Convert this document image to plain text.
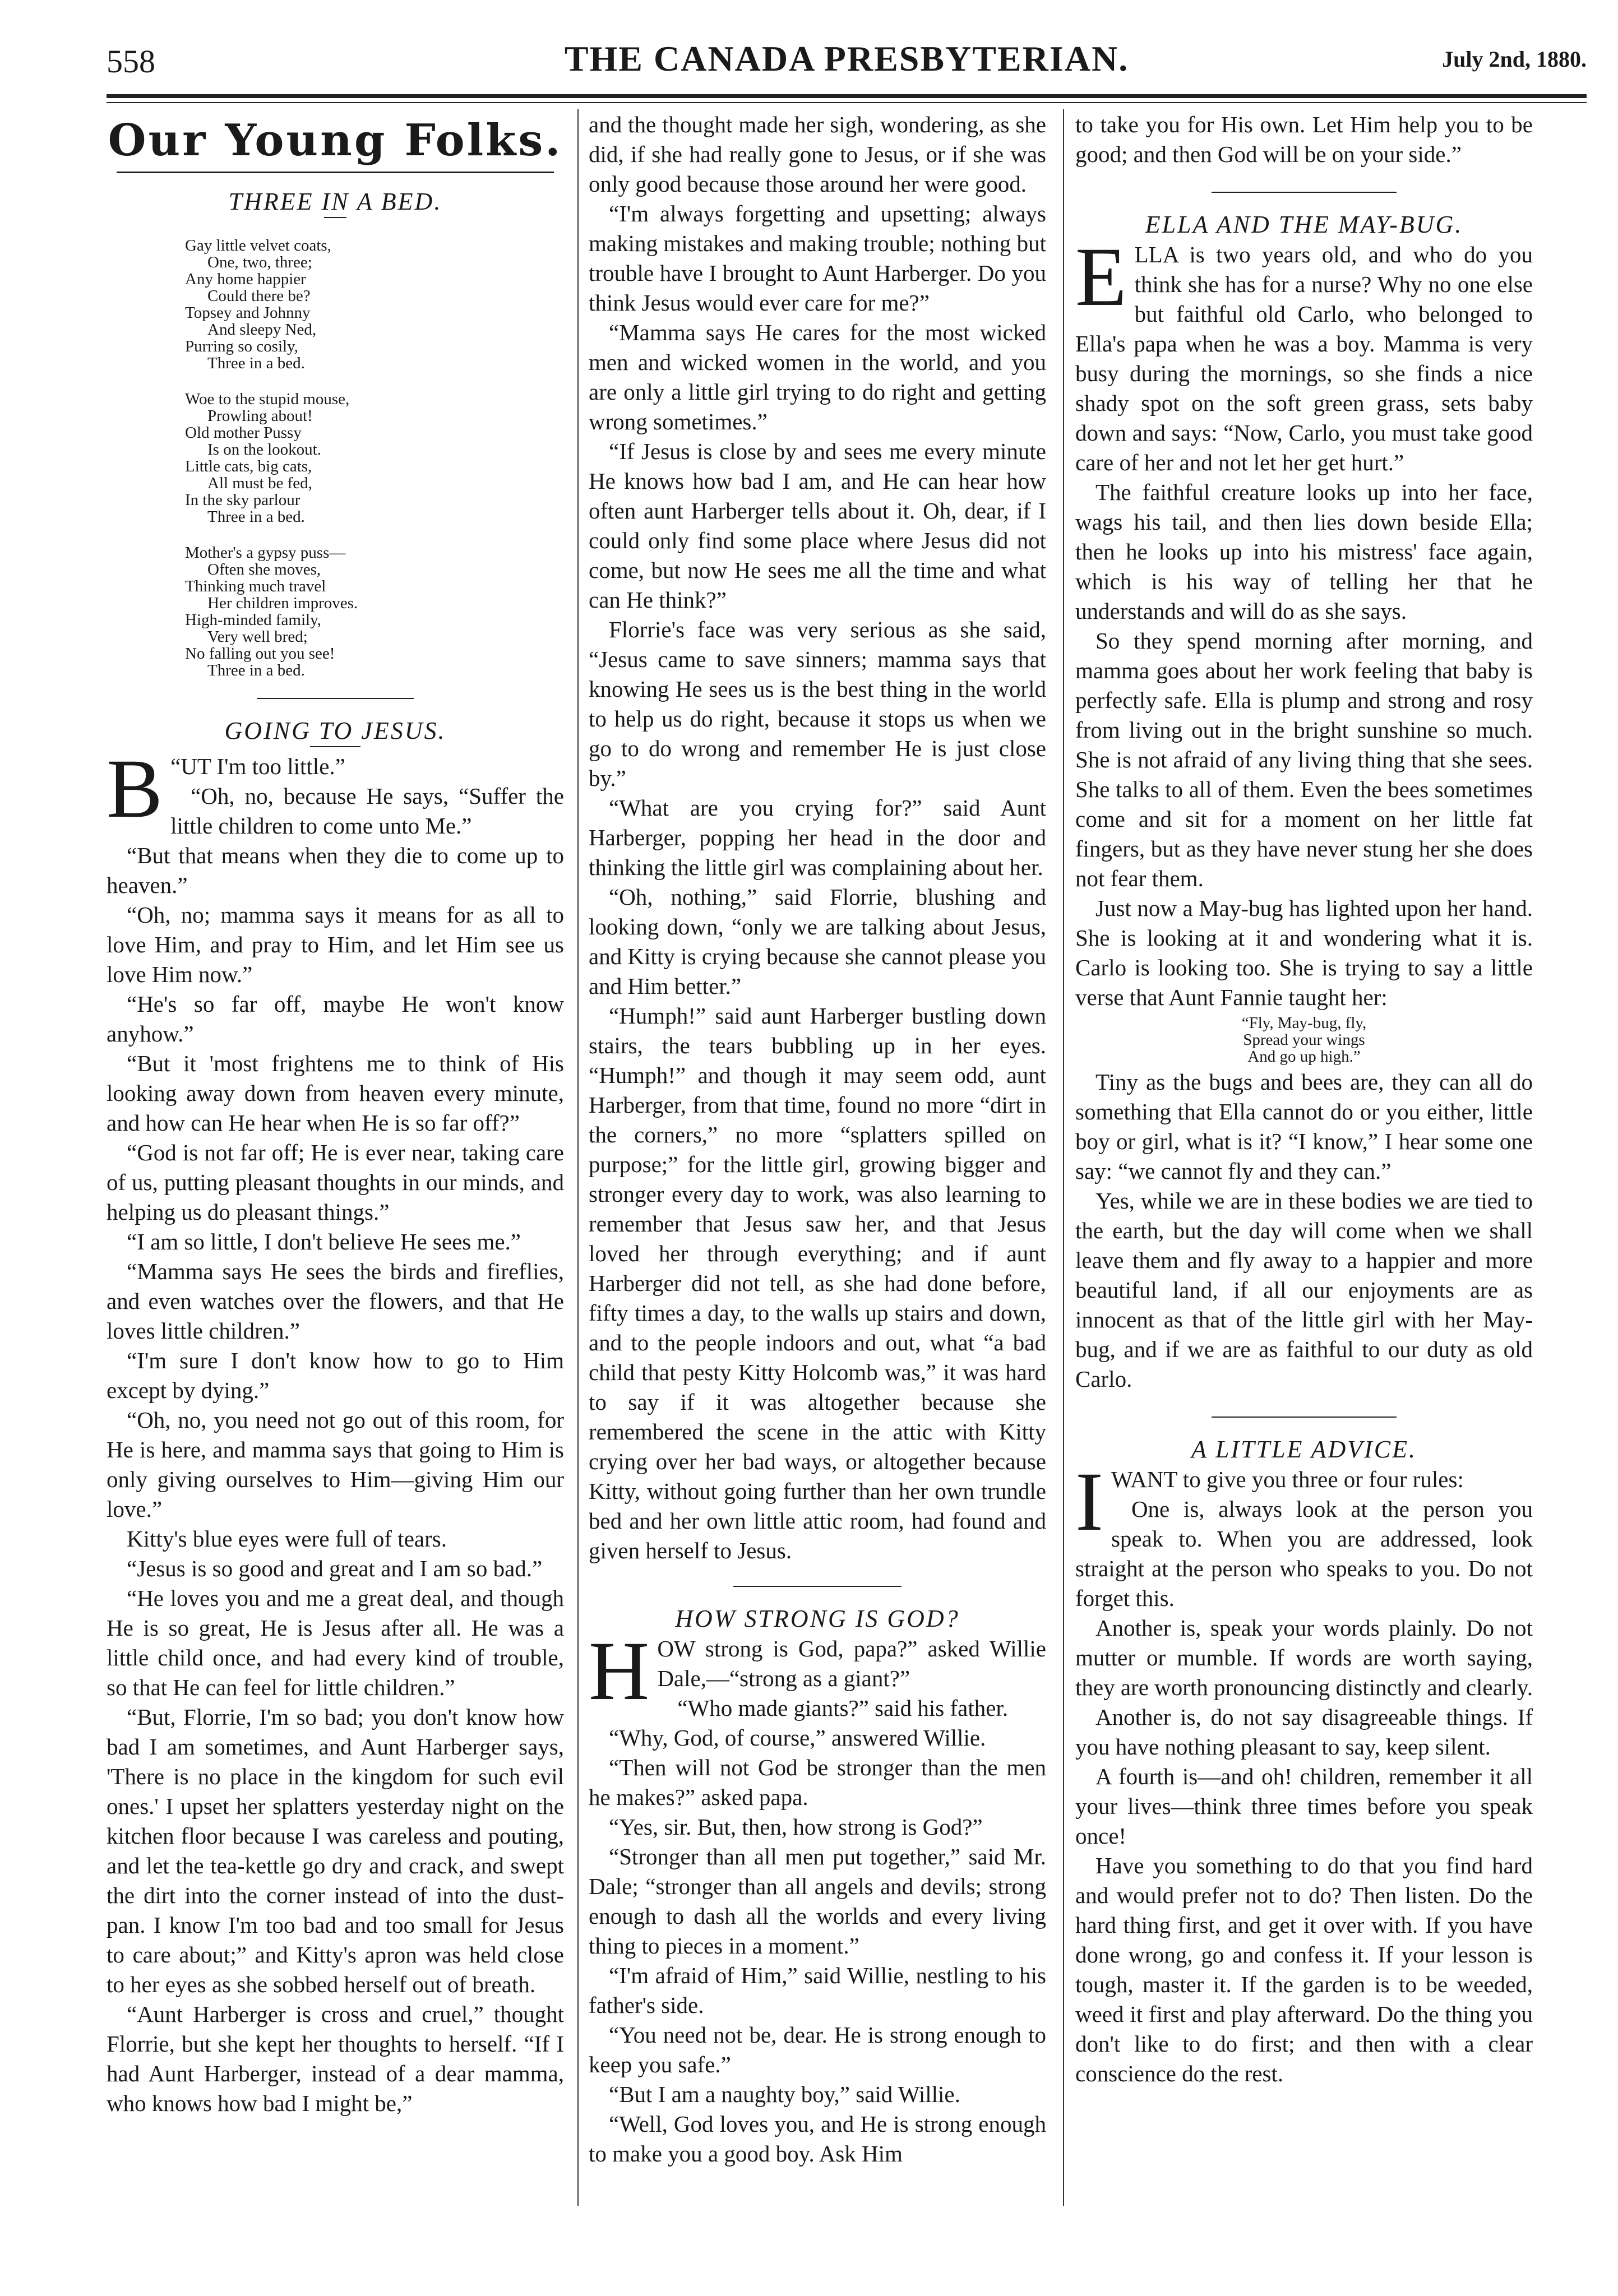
558	THE CANADA PRESBYTERIAN.	July 2nd, 1880.
Our Young Folks.
THREE IN A BED.
Gay little velvet coats,
One, two, three;
Any home happier
Could there be?
Topsey and Johnny
And sleepy Ned,
Purring so cosily,
Three in a bed.
Woe to the stupid mouse,
Prowling about!
Old mother Pussy
Is on the lookout.
Little cats, big cats,
All must be fed,
In the sky parlour
Three in a bed.
Mother's a gypsy puss—
Often she moves,
Thinking much travel
Her children improves.
High-minded family,
Very well bred;
No falling out you see!
Three in a bed.
GOING TO JESUS.

B “UT I'm too little.”

“Oh, no, because He says, “Suffer the little children to come unto Me.”

“But that means when they die to come up to heaven.”

“Oh, no; mamma says it means for as all to love Him, and pray to Him, and let Him see us love Him now.”

“He's so far off, maybe He won't know anyhow.”

“But it 'most frightens me to think of His looking away down from heaven every minute, and how can He hear when He is so far off?”

“God is not far off; He is ever near, taking care of us, putting pleasant thoughts in our minds, and helping us do pleasant things.”

“I am so little, I don't believe He sees me.”

“Mamma says He sees the birds and fireflies, and even watches over the flowers, and that He loves little children.”

“I'm sure I don't know how to go to Him except by dying.”

“Oh, no, you need not go out of this room, for He is here, and mamma says that going to Him is only giving ourselves to Him—giving Him our love.”

Kitty's blue eyes were full of tears.

“Jesus is so good and great and I am so bad.”

“He loves you and me a great deal, and though He is so great, He is Jesus after all. He was a little child once, and had every kind of trouble, so that He can feel for little children.”

“But, Florrie, I'm so bad; you don't know how bad I am sometimes, and Aunt Harberger says, 'There is no place in the kingdom for such evil ones.' I upset her splatters yesterday night on the kitchen floor because I was careless and pouting, and let the tea-kettle go dry and crack, and swept the dirt into the corner instead of into the dust-pan. I know I'm too bad and too small for Jesus to care about;” and Kitty's apron was held close to her eyes as she sobbed herself out of breath.

“Aunt Harberger is cross and cruel,” thought Florrie, but she kept her thoughts to herself. “If I had Aunt Harberger, instead of a dear mamma, who knows how bad I might be,”

and the thought made her sigh, wondering, as she did, if she had really gone to Jesus, or if she was only good because those around her were good.

“I'm always forgetting and upsetting; always making mistakes and making trouble; nothing but trouble have I brought to Aunt Harberger. Do you think Jesus would ever care for me?”

“Mamma says He cares for the most wicked men and wicked women in the world, and you are only a little girl trying to do right and getting wrong sometimes.”

“If Jesus is close by and sees me every minute He knows how bad I am, and He can hear how often aunt Harberger tells about it. Oh, dear, if I could only find some place where Jesus did not come, but now He sees me all the time and what can He think?”

Florrie's face was very serious as she said, “Jesus came to save sinners; mamma says that knowing He sees us is the best thing in the world to help us do right, because it stops us when we go to do wrong and remember He is just close by.”

“What are you crying for?” said Aunt Harberger, popping her head in the door and thinking the little girl was complaining about her.

“Oh, nothing,” said Florrie, blushing and looking down, “only we are talking about Jesus, and Kitty is crying because she cannot please you and Him better.”

“Humph!” said aunt Harberger bustling down stairs, the tears bubbling up in her eyes. “Humph!” and though it may seem odd, aunt Harberger, from that time, found no more “dirt in the corners,” no more “splatters spilled on purpose;” for the little girl, growing bigger and stronger every day to work, was also learning to remember that Jesus saw her, and that Jesus loved her through everything; and if aunt Harberger did not tell, as she had done before, fifty times a day, to the walls up stairs and down, and to the people indoors and out, what “a bad child that pesty Kitty Holcomb was,” it was hard to say if it was altogether because she remembered the scene in the attic with Kitty crying over her bad ways, or altogether because Kitty, without going further than her own trundle bed and her own little attic room, had found and given herself to Jesus.

HOW STRONG IS GOD?

HOW strong is God, papa?” asked Willie Dale,—“strong as a giant?”

“Who made giants?” said his father.

“Why, God, of course,” answered Willie.

“Then will not God be stronger than the men he makes?” asked papa.

“Yes, sir. But, then, how strong is God?”

“Stronger than all men put together,” said Mr. Dale; “stronger than all angels and devils; strong enough to dash all the worlds and every living thing to pieces in a moment.”

“I'm afraid of Him,” said Willie, nestling to his father's side.

“You need not be, dear. He is strong enough to keep you safe.”

“But I am a naughty boy,” said Willie.

“Well, God loves you, and He is strong enough to make you a good boy. Ask Him

to take you for His own. Let Him help you to be good; and then God will be on your side.”

ELLA AND THE MAY-BUG.

ELLA is two years old, and who do you think she has for a nurse? Why no one else but faithful old Carlo, who belonged to Ella's papa when he was a boy. Mamma is very busy during the mornings, so she finds a nice shady spot on the soft green grass, sets baby down and says: “Now, Carlo, you must take good care of her and not let her get hurt.”

The faithful creature looks up into her face, wags his tail, and then lies down beside Ella; then he looks up into his mistress' face again, which is his way of telling her that he understands and will do as she says.

So they spend morning after morning, and mamma goes about her work feeling that baby is perfectly safe. Ella is plump and strong and rosy from living out in the bright sunshine so much. She is not afraid of any living thing that she sees. She talks to all of them. Even the bees sometimes come and sit for a moment on her little fat fingers, but as they have never stung her she does not fear them.

Just now a May-bug has lighted upon her hand. She is looking at it and wondering what it is. Carlo is looking too. She is trying to say a little verse that Aunt Fannie taught her:

“Fly, May-bug, fly,
Spread your wings
And go up high.”

Tiny as the bugs and bees are, they can all do something that Ella cannot do or you either, little boy or girl, what is it? “I know,” I hear some one say: “we cannot fly and they can.”

Yes, while we are in these bodies we are tied to the earth, but the day will come when we shall leave them and fly away to a happier and more beautiful land, if all our enjoyments are as innocent as that of the little girl with her May-bug, and if we are as faithful to our duty as old Carlo.

A LITTLE ADVICE.

IWANT to give you three or four rules:

One is, always look at the person you speak to. When you are addressed, look straight at the person who speaks to you. Do not forget this.

Another is, speak your words plainly. Do not mutter or mumble. If words are worth saying, they are worth pronouncing distinctly and clearly.

Another is, do not say disagreeable things. If you have nothing pleasant to say, keep silent.

A fourth is—and oh! children, remember it all your lives—think three times before you speak once!

Have you something to do that you find hard and would prefer not to do? Then listen. Do the hard thing first, and get it over with. If you have done wrong, go and confess it. If your lesson is tough, master it. If the garden is to be weeded, weed it first and play afterward. Do the thing you don't like to do first; and then with a clear conscience do the rest.
